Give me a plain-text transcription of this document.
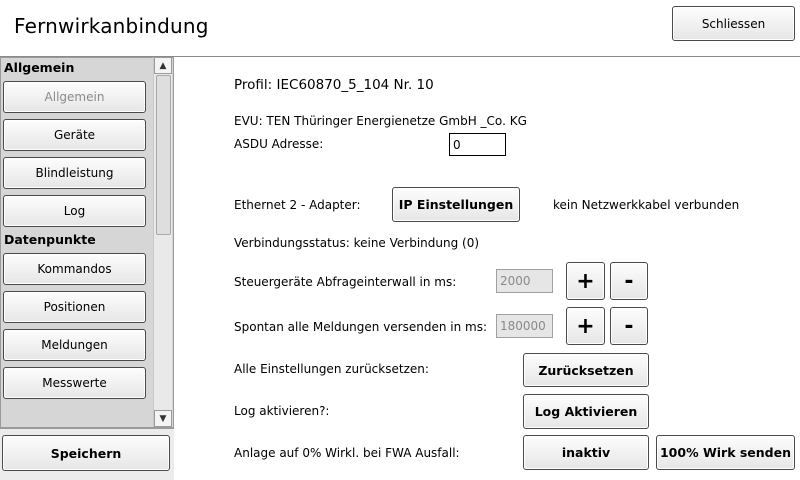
Fernwirkanbindung	Schliessen
Allgemein
Allgemein
Geräte
Blindleistung
Log
Datenpunkte
Kommandos
Positionen
Meldungen
Messwerte
▲
▼
Speichern
Profil: IEC60870_5_104 Nr. 10
EVU: TEN Thüringer Energienetze GmbH _Co. KG
ASDU Adresse:
0
Ethernet 2 - Adapter:	IP Einstellungen	kein Netzwerkkabel verbunden
Verbindungsstatus: keine Verbindung (0)
Steuergeräte Abfrageinterwall in ms:
2000	+	-
Spontan alle Meldungen versenden in ms:
180000	+	-
Alle Einstellungen zurücksetzen:	Zurücksetzen
Log aktivieren?:	Log Aktivieren
Anlage auf 0% Wirkl. bei FWA Ausfall:	inaktiv	100% Wirk senden
